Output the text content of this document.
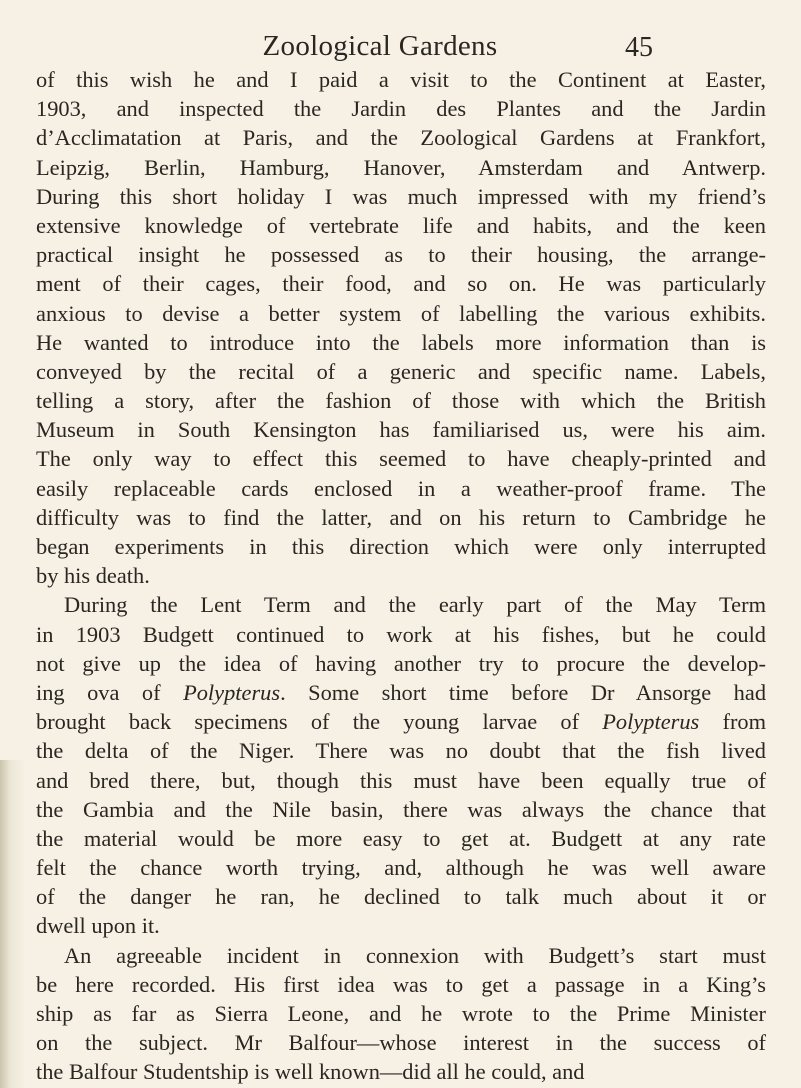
Zoological Gardens	45
of this wish he and I paid a visit to the Continent at Easter,
1903, and inspected the Jardin des Plantes and the Jardin
d’Acclimatation at Paris, and the Zoological Gardens at Frankfort,
Leipzig, Berlin, Hamburg, Hanover, Amsterdam and Antwerp.
During this short holiday I was much impressed with my friend’s
extensive knowledge of vertebrate life and habits, and the keen
practical insight he possessed as to their housing, the arrange-
ment of their cages, their food, and so on. He was particularly
anxious to devise a better system of labelling the various exhibits.
He wanted to introduce into the labels more information than is
conveyed by the recital of a generic and specific name. Labels,
telling a story, after the fashion of those with which the British
Museum in South Kensington has familiarised us, were his aim.
The only way to effect this seemed to have cheaply-printed and
easily replaceable cards enclosed in a weather-proof frame. The
difficulty was to find the latter, and on his return to Cambridge he
began experiments in this direction which were only interrupted
by his death.
During the Lent Term and the early part of the May Term
in 1903 Budgett continued to work at his fishes, but he could
not give up the idea of having another try to procure the develop-
ing ova of Polypterus. Some short time before Dr Ansorge had
brought back specimens of the young larvae of Polypterus from
the delta of the Niger. There was no doubt that the fish lived
and bred there, but, though this must have been equally true of
the Gambia and the Nile basin, there was always the chance that
the material would be more easy to get at. Budgett at any rate
felt the chance worth trying, and, although he was well aware
of the danger he ran, he declined to talk much about it or
dwell upon it.
An agreeable incident in connexion with Budgett’s start must
be here recorded. His first idea was to get a passage in a King’s
ship as far as Sierra Leone, and he wrote to the Prime Minister
on the subject. Mr Balfour—whose interest in the success of
the Balfour Studentship is well known—did all he could, and
